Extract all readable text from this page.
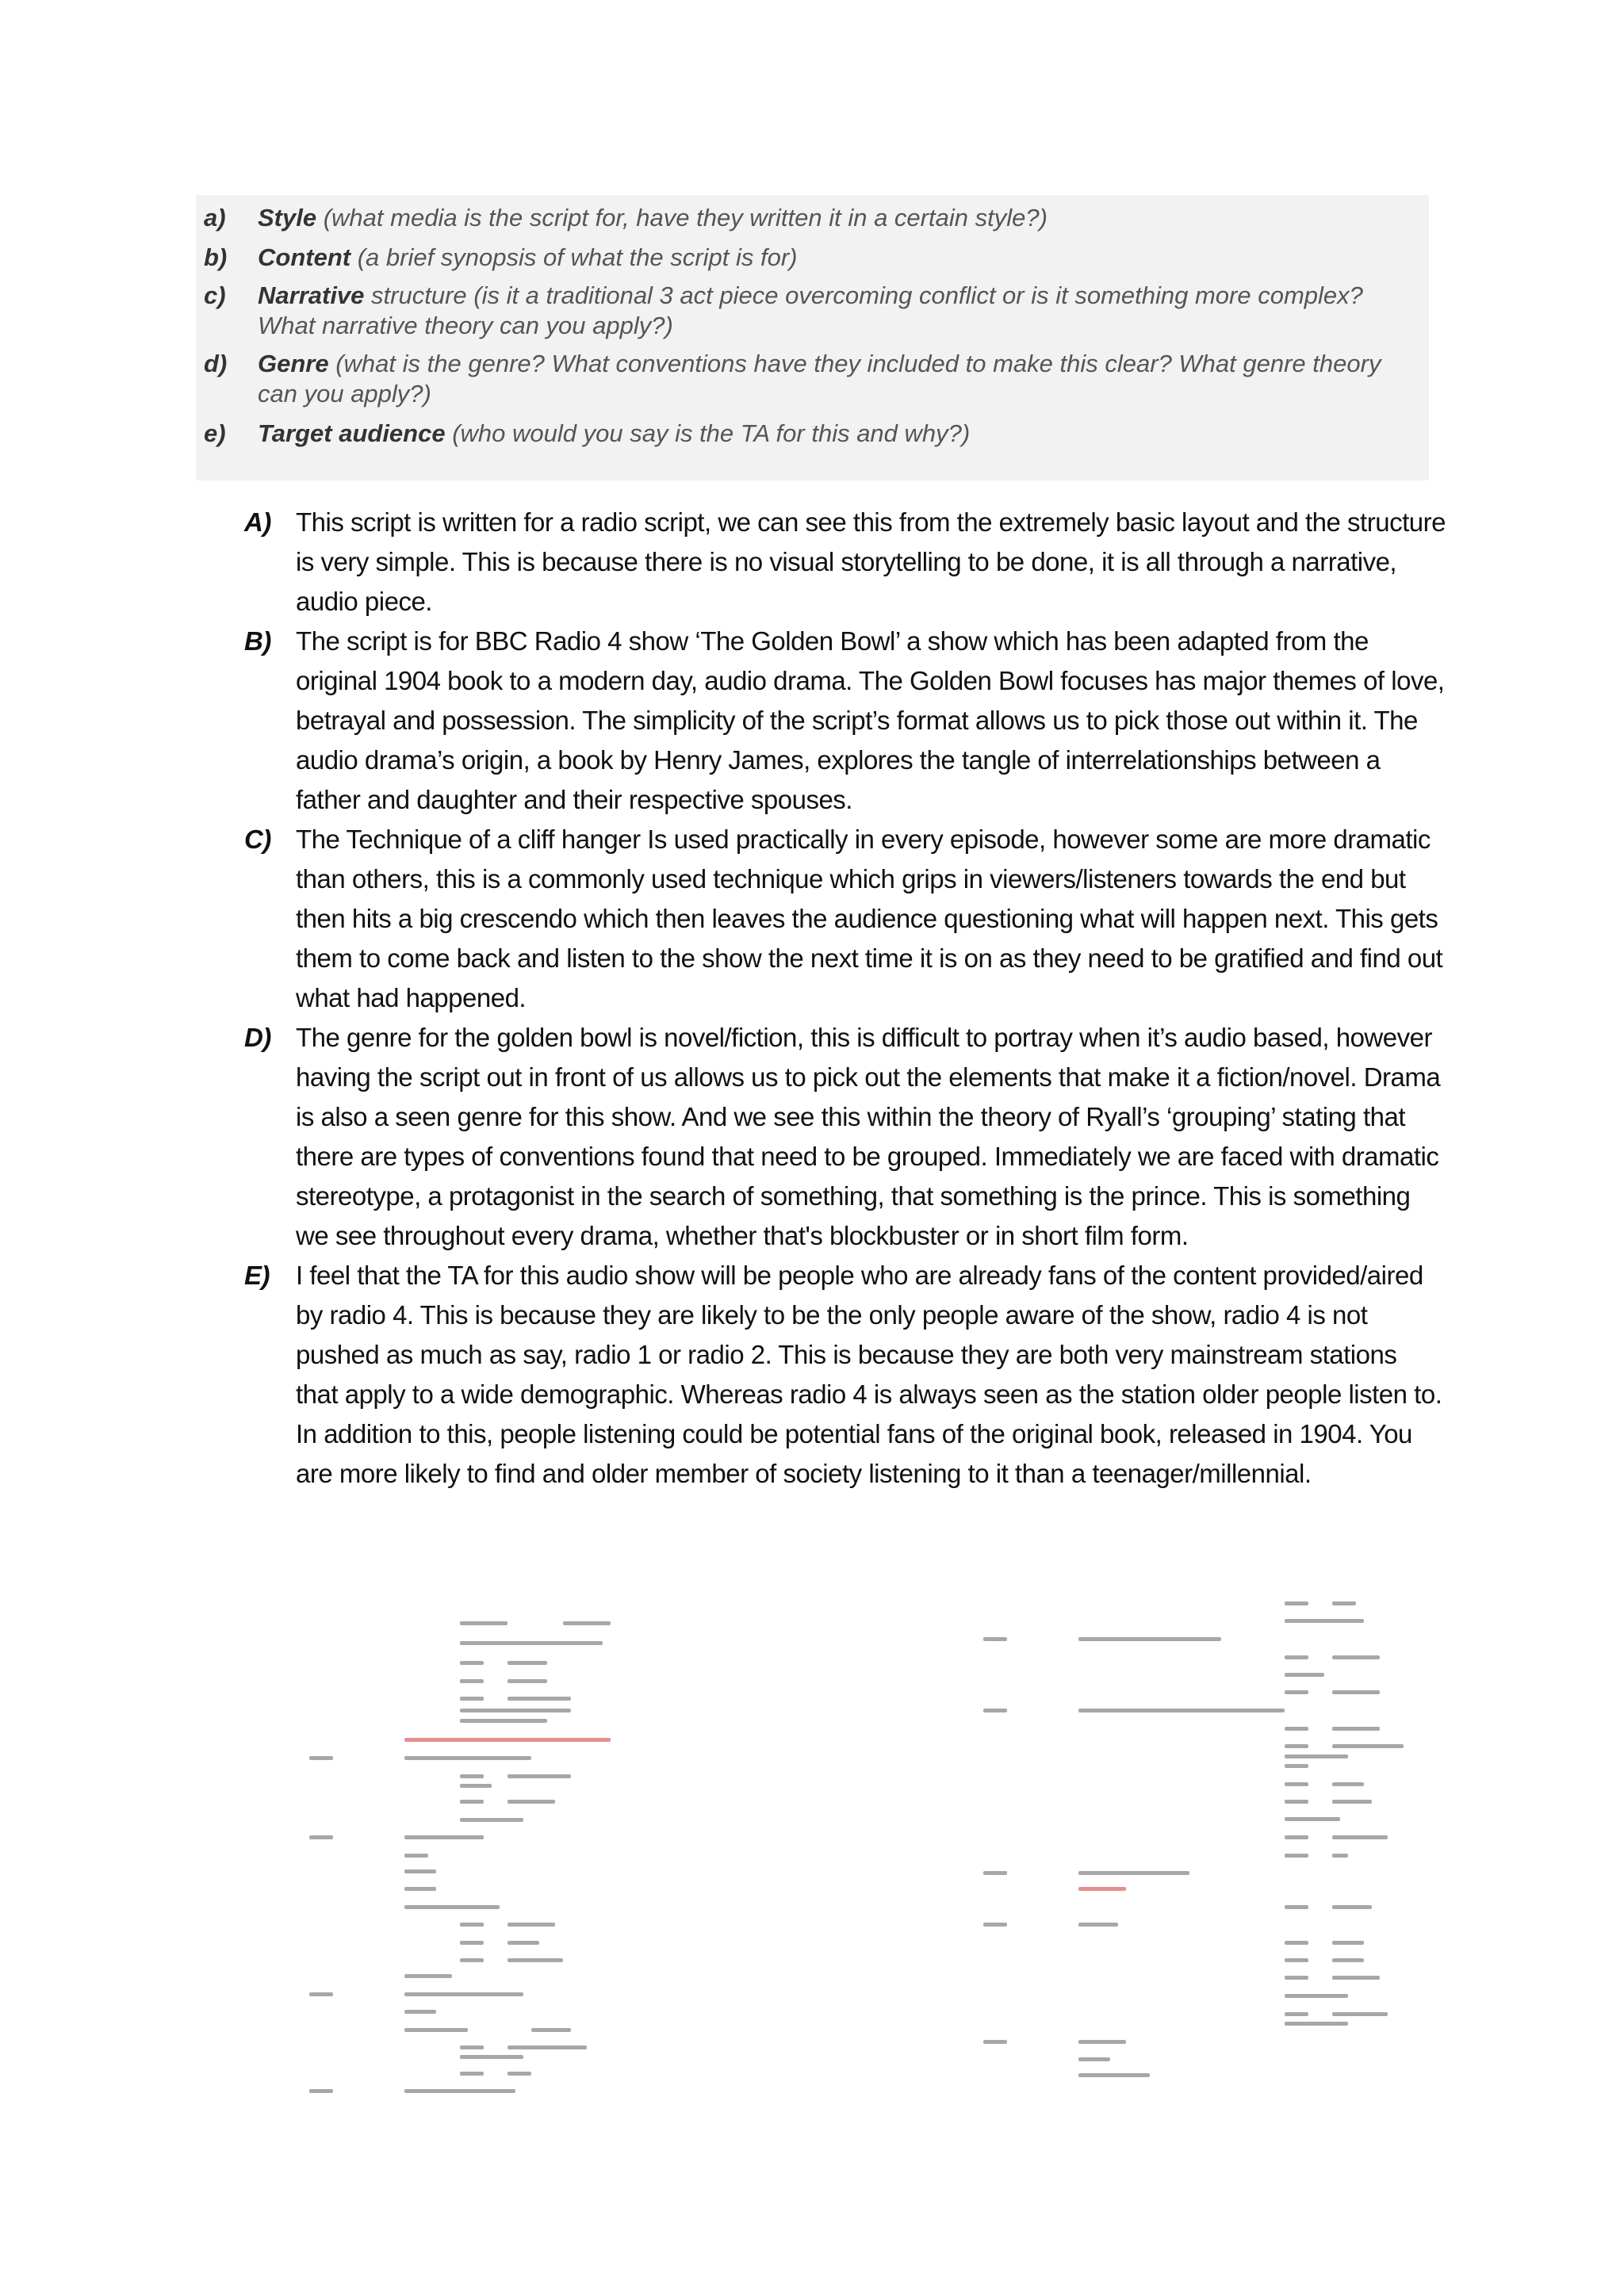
a)	Style (what media is the script for, have they written it in a certain style?)
b)	Content (a brief synopsis of what the script is for)
c)	Narrative structure (is it a traditional 3 act piece overcoming conflict or is it something more complex? What narrative theory can you apply?)
d)	Genre (what is the genre? What conventions have they included to make this clear? What genre theory can you apply?)
e)	Target audience (who would you say is the TA for this and why?)

A) This script is written for a radio script, we can see this from the extremely basic layout and the structure is very simple. This is because there is no visual storytelling to be done, it is all through a narrative, audio piece.

B) The script is for BBC Radio 4 show ‘The Golden Bowl’ a show which has been adapted from the original 1904 book to a modern day, audio drama. The Golden Bowl focuses has major themes of love, betrayal and possession. The simplicity of the script’s format allows us to pick those out within it. The audio drama’s origin, a book by Henry James, explores the tangle of interrelationships between a father and daughter and their respective spouses.

C) The Technique of a cliff hanger Is used practically in every episode, however some are more dramatic than others, this is a commonly used technique which grips in viewers/listeners towards the end but then hits a big crescendo which then leaves the audience questioning what will happen next. This gets them to come back and listen to the show the next time it is on as they need to be gratified and find out what had happened.

D) The genre for the golden bowl is novel/fiction, this is difficult to portray when it’s audio based, however having the script out in front of us allows us to pick out the elements that make it a fiction/novel. Drama is also a seen genre for this show. And we see this within the theory of Ryall’s ‘grouping’ stating that there are types of conventions found that need to be grouped. Immediately we are faced with dramatic stereotype, a protagonist in the search of something, that something is the prince. This is something we see throughout every drama, whether that's blockbuster or in short film form.

E) I feel that the TA for this audio show will be people who are already fans of the content provided/aired by radio 4. This is because they are likely to be the only people aware of the show, radio 4 is not pushed as much as say, radio 1 or radio 2. This is because they are both very mainstream stations that apply to a wide demographic. Whereas radio 4 is always seen as the station older people listen to. In addition to this, people listening could be potential fans of the original book, released in 1904. You are more likely to find and older member of society listening to it than a teenager/millennial.
